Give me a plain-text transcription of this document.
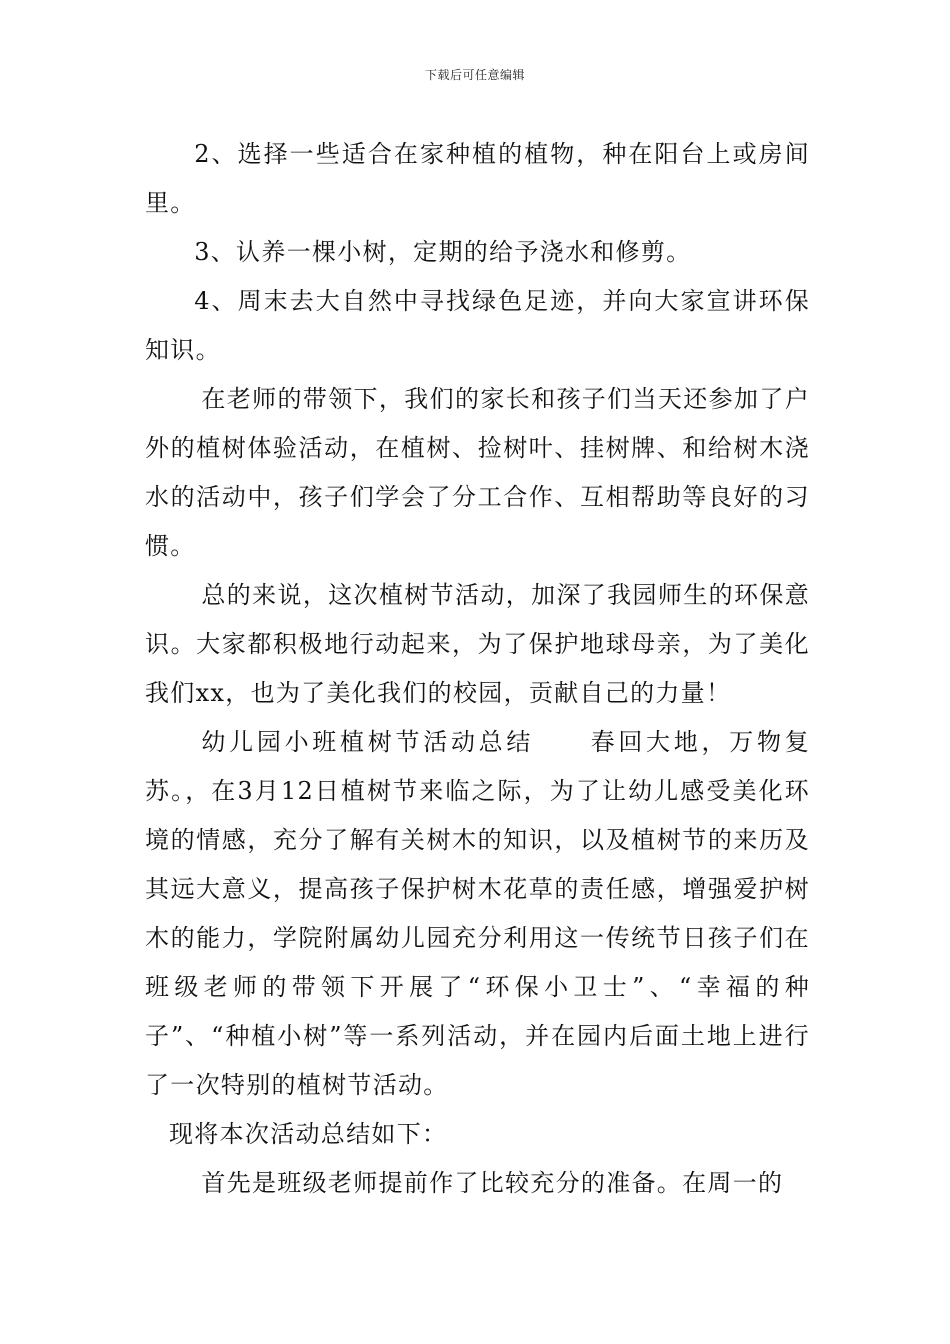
下载后可任意编辑

2、选择一些适合在家种植的植物，种在阳台上或房间里。

3、认养一棵小树，定期的给予浇水和修剪。

4、周末去大自然中寻找绿色足迹，并向大家宣讲环保知识。

在老师的带领下，我们的家长和孩子们当天还参加了户外的植树体验活动，在植树、捡树叶、挂树牌、和给树木浇水的活动中，孩子们学会了分工合作、互相帮助等良好的习惯。

总的来说，这次植树节活动，加深了我园师生的环保意识。大家都积极地行动起来，为了保护地球母亲，为了美化我们xx，也为了美化我们的校园，贡献自己的力量！

幼儿园小班植树节活动总结 春回大地，万物复苏。，在3月12日植树节来临之际，为了让幼儿感受美化环境的情感，充分了解有关树木的知识，以及植树节的来历及其远大意义，提高孩子保护树木花草的责任感，增强爱护树木的能力，学院附属幼儿园充分利用这一传统节日孩子们在班级老师的带领下开展了“环保小卫士”、“幸福的种子”、“种植小树”等一系列活动，并在园内后面土地上进行了一次特别的植树节活动。

现将本次活动总结如下：

首先是班级老师提前作了比较充分的准备。在周一的
